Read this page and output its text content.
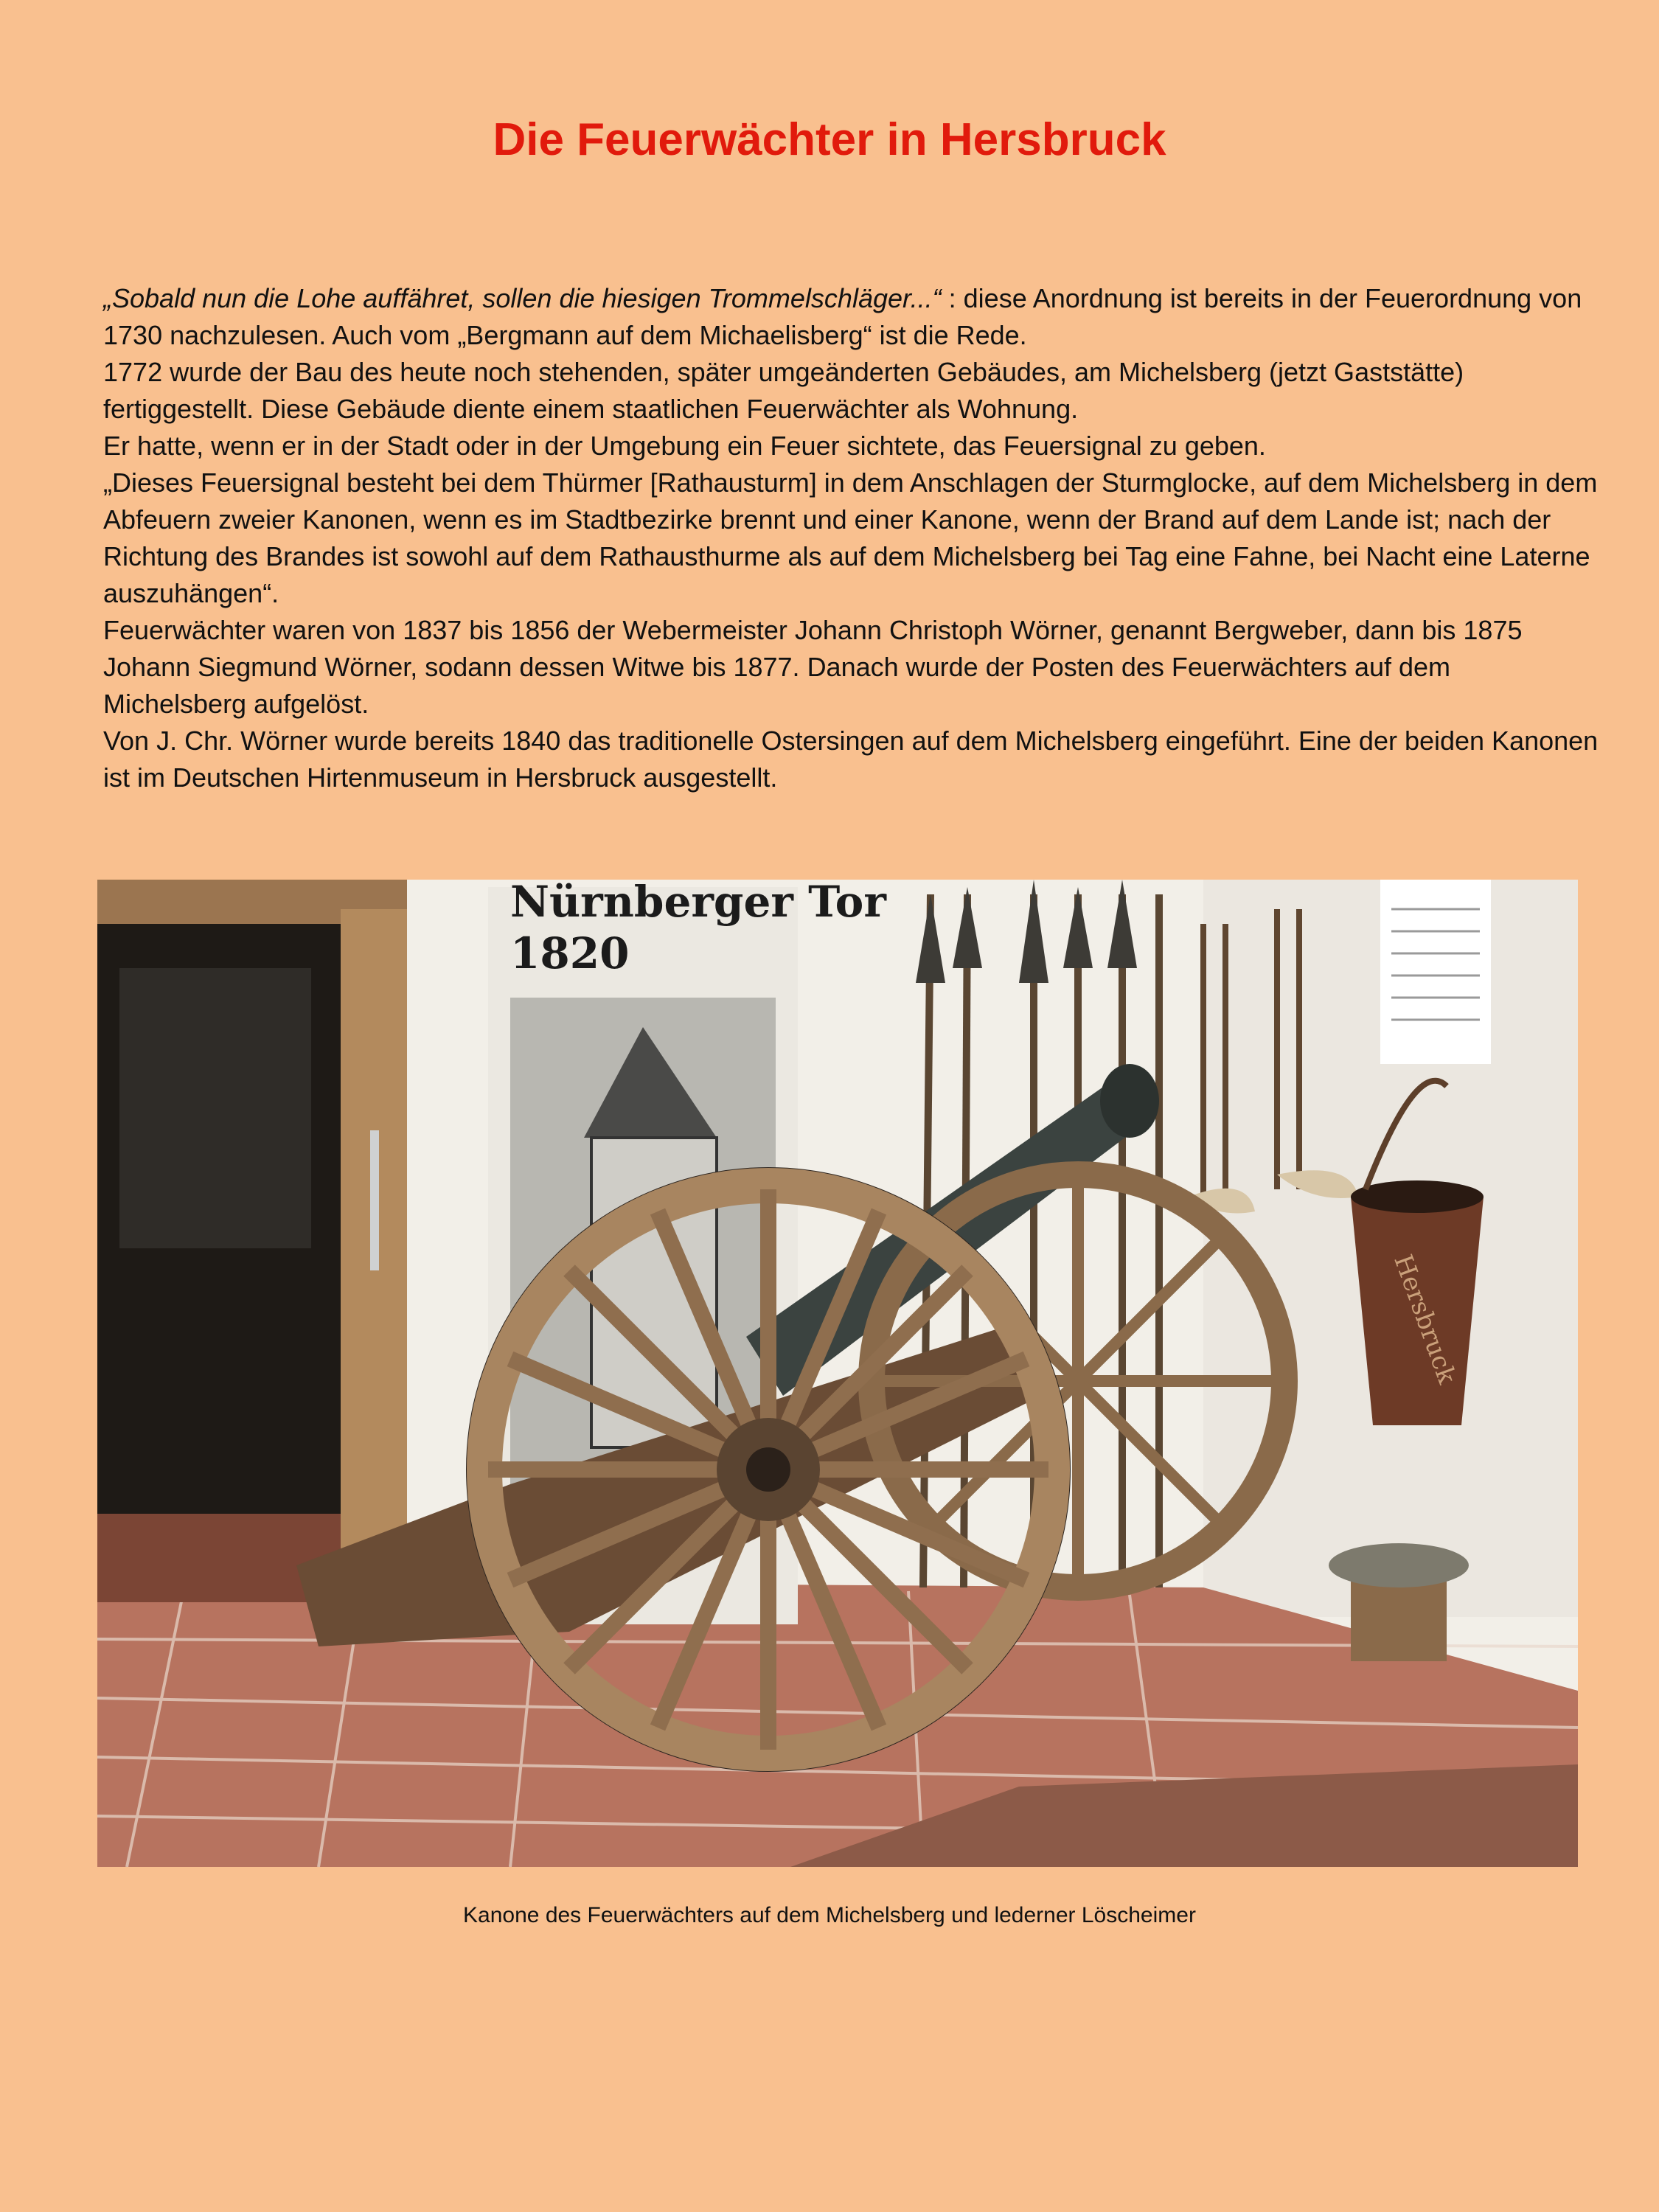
Die Feuerwächter in Hersbruck

„Sobald nun die Lohe auffähret, sollen die hiesigen Trommelschläger...“ : diese Anordnung ist bereits in der Feuerordnung von 1730 nachzulesen. Auch vom „Bergmann auf dem Michaelisberg“ ist die Rede.

1772 wurde der Bau des heute noch stehenden, später umgeänderten Gebäudes, am Michelsberg (jetzt Gaststätte) fertiggestellt. Diese Gebäude diente einem staatlichen Feuerwächter als Wohnung.

Er hatte, wenn er in der Stadt oder in der Umgebung ein Feuer sichtete, das Feuersignal zu geben.

„Dieses Feuersignal besteht bei dem Thürmer [Rathausturm] in dem Anschlagen der Sturmglocke, auf dem Michelsberg in dem Abfeuern zweier Kanonen, wenn es im Stadtbezirke brennt und einer Kanone, wenn der Brand auf dem Lande ist; nach der Richtung des Brandes ist sowohl auf dem Rathausthurme als auf dem Michelsberg bei Tag eine Fahne, bei Nacht eine Laterne auszuhängen“.

Feuerwächter waren von 1837 bis 1856 der Webermeister Johann Christoph Wörner, genannt Bergweber, dann bis 1875 Johann Siegmund Wörner, sodann dessen Witwe bis 1877. Danach wurde der Posten des Feuerwächters auf dem Michelsberg aufgelöst.

Von J. Chr. Wörner wurde bereits 1840 das traditionelle Ostersingen auf dem Michelsberg eingeführt. Eine der beiden Kanonen ist im Deutschen Hirtenmuseum in Hersbruck ausgestellt.

Nürnberger Tor
1820
Hersbruck

Kanone des Feuerwächters auf dem Michelsberg und lederner Löscheimer
